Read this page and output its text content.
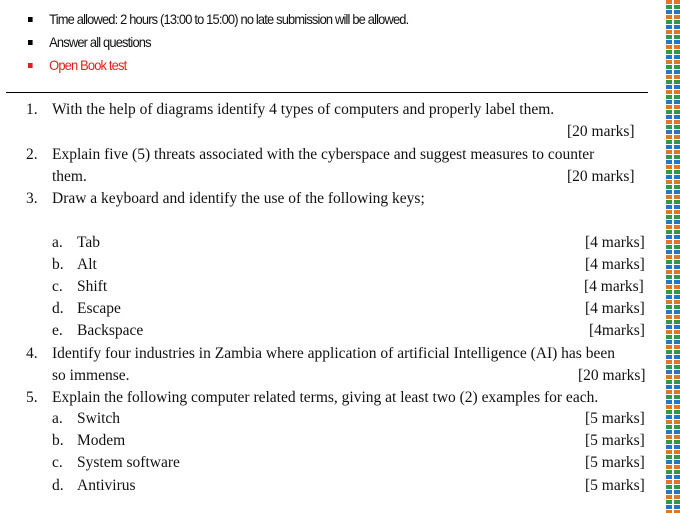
Time allowed: 2 hours (13:00 to 15:00) no late submission will be allowed.
Answer all questions
Open Book test
1. With the help of diagrams identify 4 types of computers and properly label them.
[20 marks]
2. Explain five (5) threats associated with the cyberspace and suggest measures to counter
them.	[20 marks]
3. Draw a keyboard and identify the use of the following keys;
a. Tab	[4 marks]
b. Alt	[4 marks]
c. Shift	[4 marks]
d. Escape	[4 marks]
e. Backspace	[4marks]
4. Identify four industries in Zambia where application of artificial Intelligence (AI) has been
so immense.	[20 marks]
5. Explain the following computer related terms, giving at least two (2) examples for each.
a. Switch	[5 marks]
b. Modem	[5 marks]
c. System software	[5 marks]
d. Antivirus	[5 marks]
